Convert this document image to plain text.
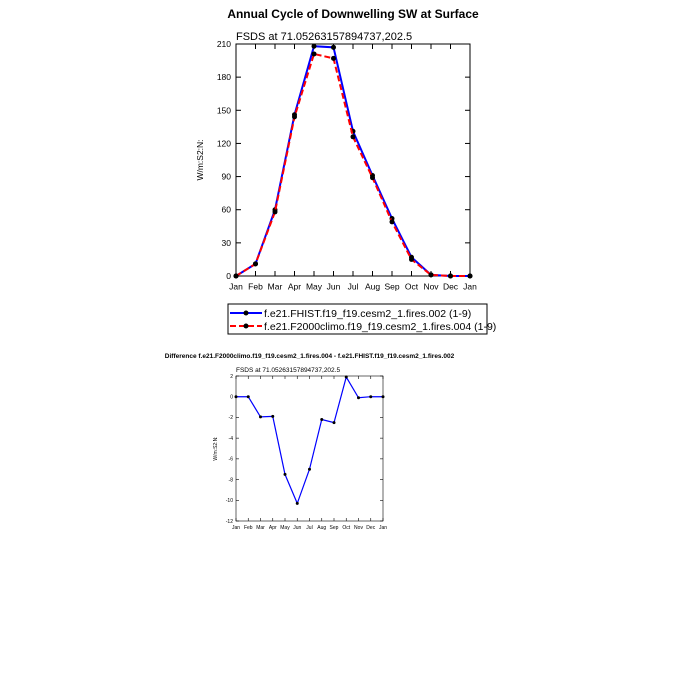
Annual Cycle of Downwelling SW at Surface
FSDS at 71.05263157894737,202.5
0
30
60
90
120
150
180
210
Jan Feb Mar Apr May Jun Jul Aug Sep Oct Nov Dec Jan
W/m:S2:N:
Difference f.e21.F2000climo.f19_f19.cesm2_1.fires.004 - f.e21.FHIST.f19_f19.cesm2_1.fires.002
FSDS at 71.05263157894737,202.5
-12
-10
-8
-6
-4
-2
0
2
Jan Feb Mar Apr May Jun Jul Aug Sep Oct Nov Dec Jan
W/m:S2:N:
f.e21.FHIST.f19_f19.cesm2_1.fires.002 (1-9)
f.e21.F2000climo.f19_f19.cesm2_1.fires.004 (1-9)
